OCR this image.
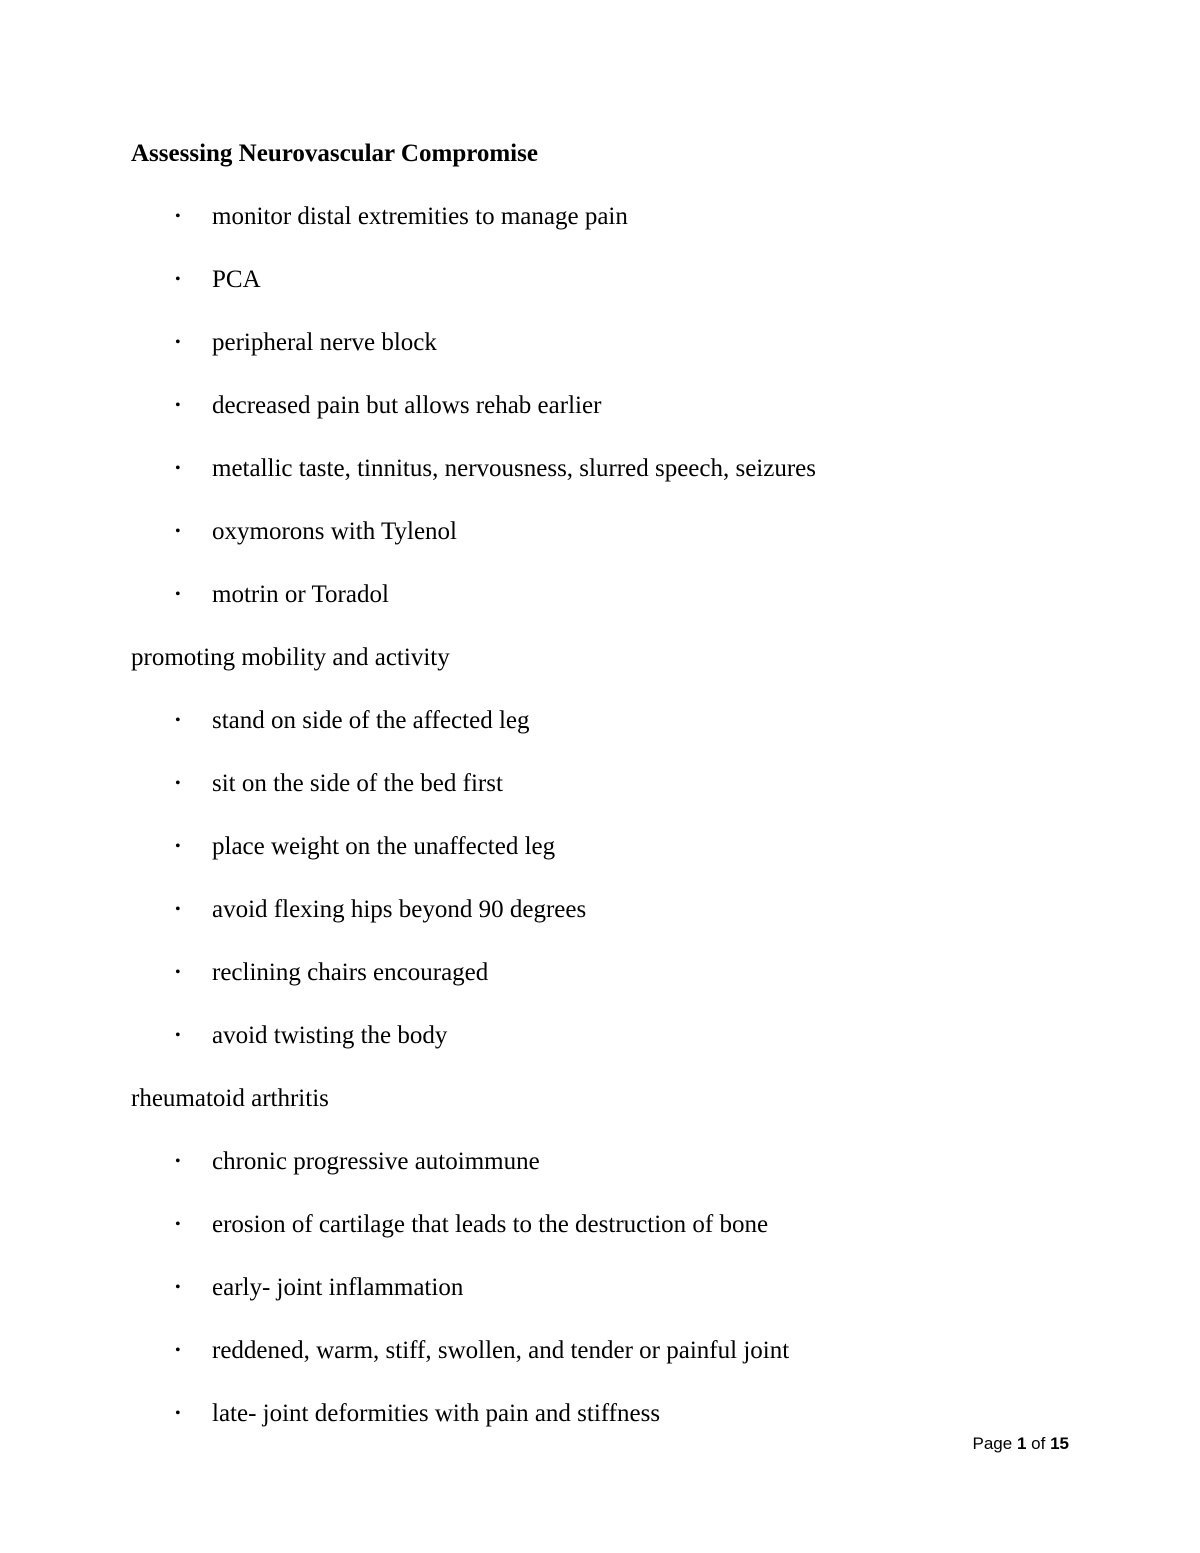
Assessing Neurovascular Compromise
• monitor distal extremities to manage pain
• PCA
• peripheral nerve block
• decreased pain but allows rehab earlier
• metallic taste, tinnitus, nervousness, slurred speech, seizures
• oxymorons with Tylenol
• motrin or Toradol
promoting mobility and activity
• stand on side of the affected leg
• sit on the side of the bed first
• place weight on the unaffected leg
• avoid flexing hips beyond 90 degrees
• reclining chairs encouraged
• avoid twisting the body
rheumatoid arthritis
• chronic progressive autoimmune
• erosion of cartilage that leads to the destruction of bone
• early- joint inflammation
• reddened, warm, stiff, swollen, and tender or painful joint
• late- joint deformities with pain and stiffness
Page 1 of 15
